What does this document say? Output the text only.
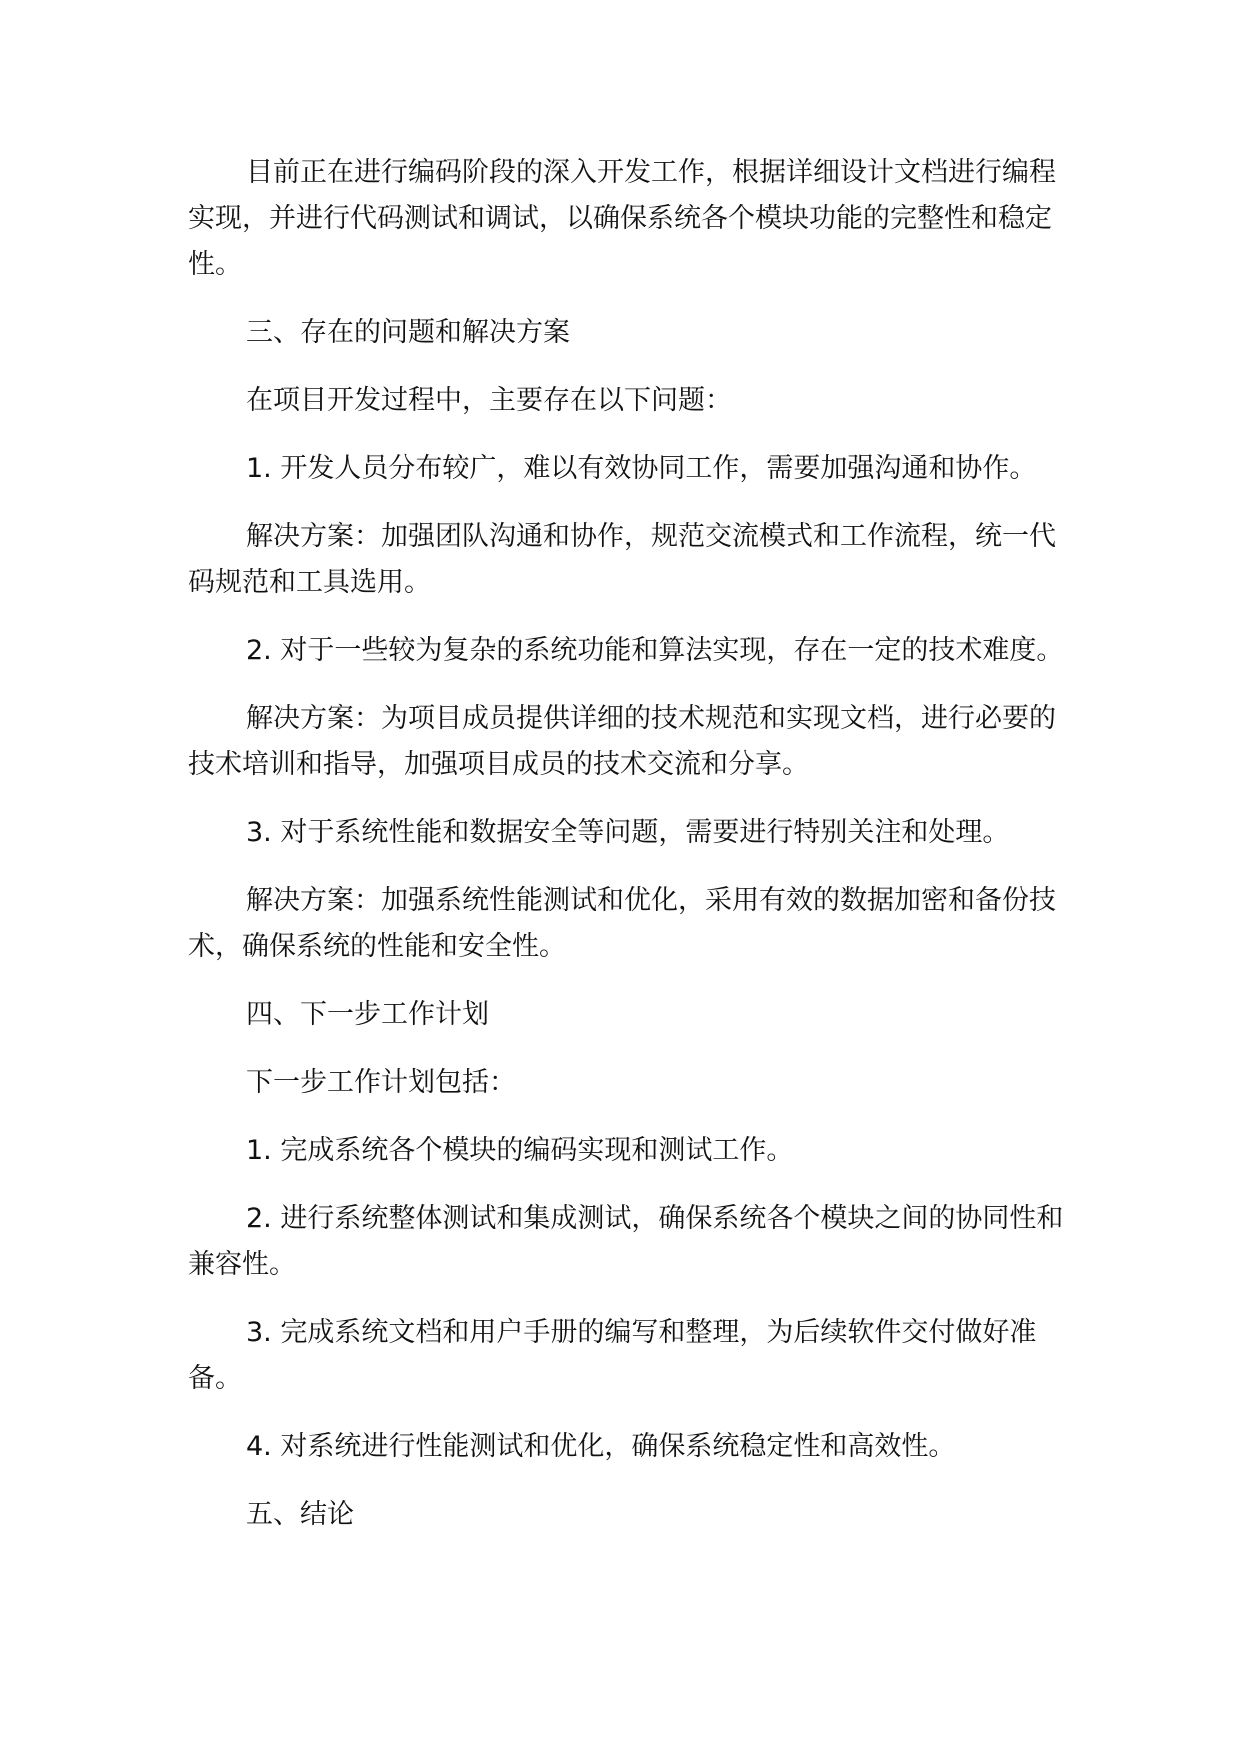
目前正在进行编码阶段的深入开发工作，根据详细设计文档进行编程实现，并进行代码测试和调试，以确保系统各个模块功能的完整性和稳定性。

三、存在的问题和解决方案

在项目开发过程中，主要存在以下问题：

1. 开发人员分布较广，难以有效协同工作，需要加强沟通和协作。

解决方案：加强团队沟通和协作，规范交流模式和工作流程，统一代码规范和工具选用。

2. 对于一些较为复杂的系统功能和算法实现，存在一定的技术难度。

解决方案：为项目成员提供详细的技术规范和实现文档，进行必要的技术培训和指导，加强项目成员的技术交流和分享。

3. 对于系统性能和数据安全等问题，需要进行特别关注和处理。

解决方案：加强系统性能测试和优化，采用有效的数据加密和备份技术，确保系统的性能和安全性。

四、下一步工作计划

下一步工作计划包括：

1. 完成系统各个模块的编码实现和测试工作。

2. 进行系统整体测试和集成测试，确保系统各个模块之间的协同性和兼容性。

3. 完成系统文档和用户手册的编写和整理，为后续软件交付做好准备。

4. 对系统进行性能测试和优化，确保系统稳定性和高效性。

五、结论
